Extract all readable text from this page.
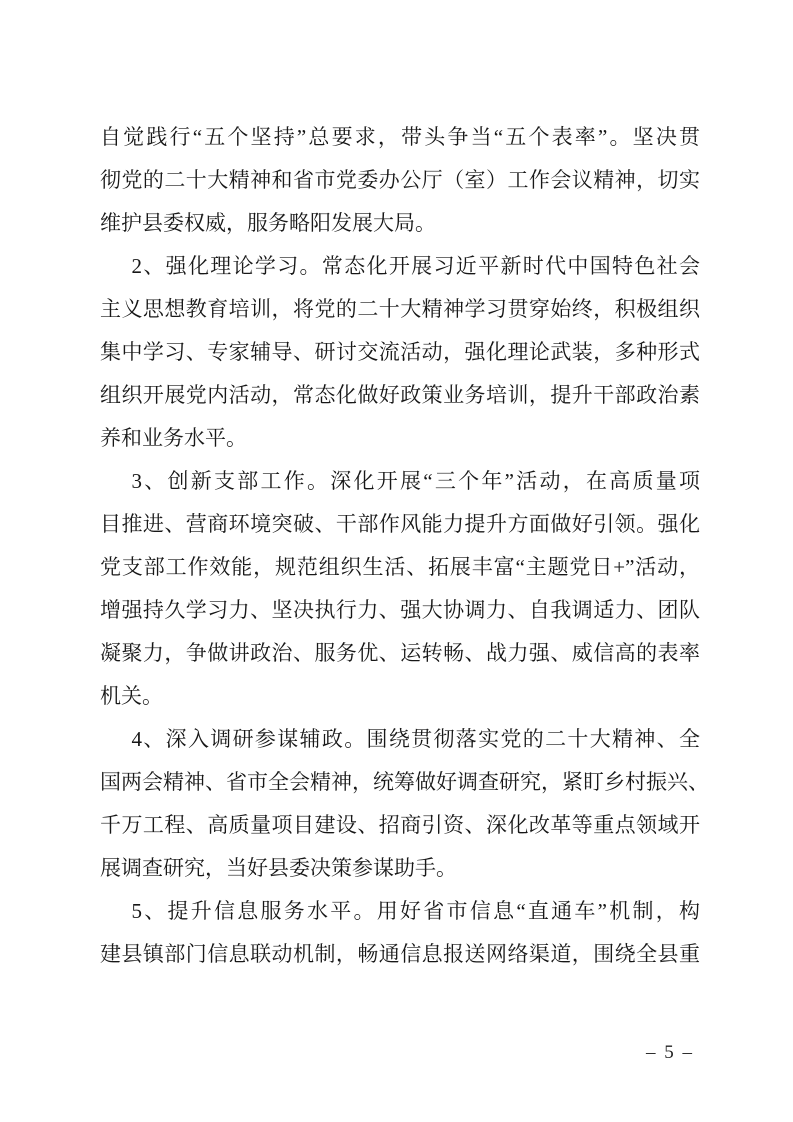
自觉践行“五个坚持”总要求，带头争当“五个表率”。坚决贯
彻党的二十大精神和省市党委办公厅（室）工作会议精神，切实
维护县委权威，服务略阳发展大局。
2、强化理论学习。常态化开展习近平新时代中国特色社会
主义思想教育培训，将党的二十大精神学习贯穿始终，积极组织
集中学习、专家辅导、研讨交流活动，强化理论武装，多种形式
组织开展党内活动，常态化做好政策业务培训，提升干部政治素
养和业务水平。
3、创新支部工作。深化开展“三个年”活动，在高质量项
目推进、营商环境突破、干部作风能力提升方面做好引领。强化
党支部工作效能，规范组织生活、拓展丰富“主题党日+”活动，
增强持久学习力、坚决执行力、强大协调力、自我调适力、团队
凝聚力，争做讲政治、服务优、运转畅、战力强、威信高的表率
机关。
4、深入调研参谋辅政。围绕贯彻落实党的二十大精神、全
国两会精神、省市全会精神，统筹做好调查研究，紧盯乡村振兴、
千万工程、高质量项目建设、招商引资、深化改革等重点领域开
展调查研究，当好县委决策参谋助手。
5、提升信息服务水平。用好省市信息“直通车”机制，构
建县镇部门信息联动机制，畅通信息报送网络渠道，围绕全县重
– 5 –
